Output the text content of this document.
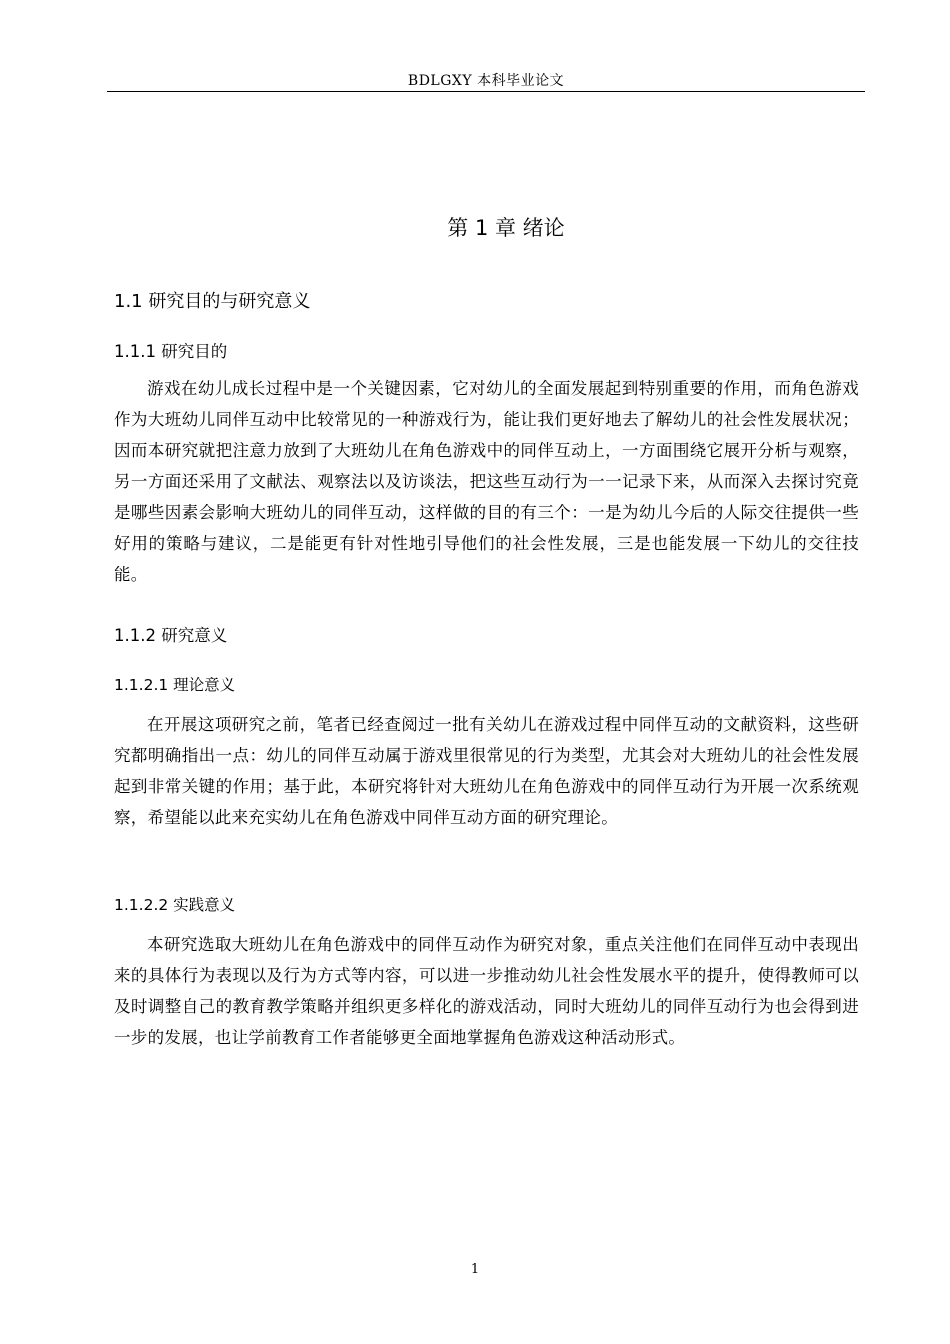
BDLGXY 本科毕业论文
第 1 章 绪论
1.1 研究目的与研究意义
1.1.1 研究目的
游戏在幼儿成长过程中是一个关键因素，它对幼儿的全面发展起到特别重要的作用，而角色游戏作为大班幼儿同伴互动中比较常见的一种游戏行为，能让我们更好地去了解幼儿的社会性发展状况；因而本研究就把注意力放到了大班幼儿在角色游戏中的同伴互动上，一方面围绕它展开分析与观察，另一方面还采用了文献法、观察法以及访谈法，把这些互动行为一一记录下来，从而深入去探讨究竟是哪些因素会影响大班幼儿的同伴互动，这样做的目的有三个：一是为幼儿今后的人际交往提供一些好用的策略与建议，二是能更有针对性地引导他们的社会性发展，三是也能发展一下幼儿的交往技能。
1.1.2 研究意义
1.1.2.1 理论意义
在开展这项研究之前，笔者已经查阅过一批有关幼儿在游戏过程中同伴互动的文献资料，这些研究都明确指出一点：幼儿的同伴互动属于游戏里很常见的行为类型，尤其会对大班幼儿的社会性发展起到非常关键的作用；基于此，本研究将针对大班幼儿在角色游戏中的同伴互动行为开展一次系统观察，希望能以此来充实幼儿在角色游戏中同伴互动方面的研究理论。
1.1.2.2 实践意义
本研究选取大班幼儿在角色游戏中的同伴互动作为研究对象，重点关注他们在同伴互动中表现出来的具体行为表现以及行为方式等内容，可以进一步推动幼儿社会性发展水平的提升，使得教师可以及时调整自己的教育教学策略并组织更多样化的游戏活动，同时大班幼儿的同伴互动行为也会得到进一步的发展，也让学前教育工作者能够更全面地掌握角色游戏这种活动形式。
1
